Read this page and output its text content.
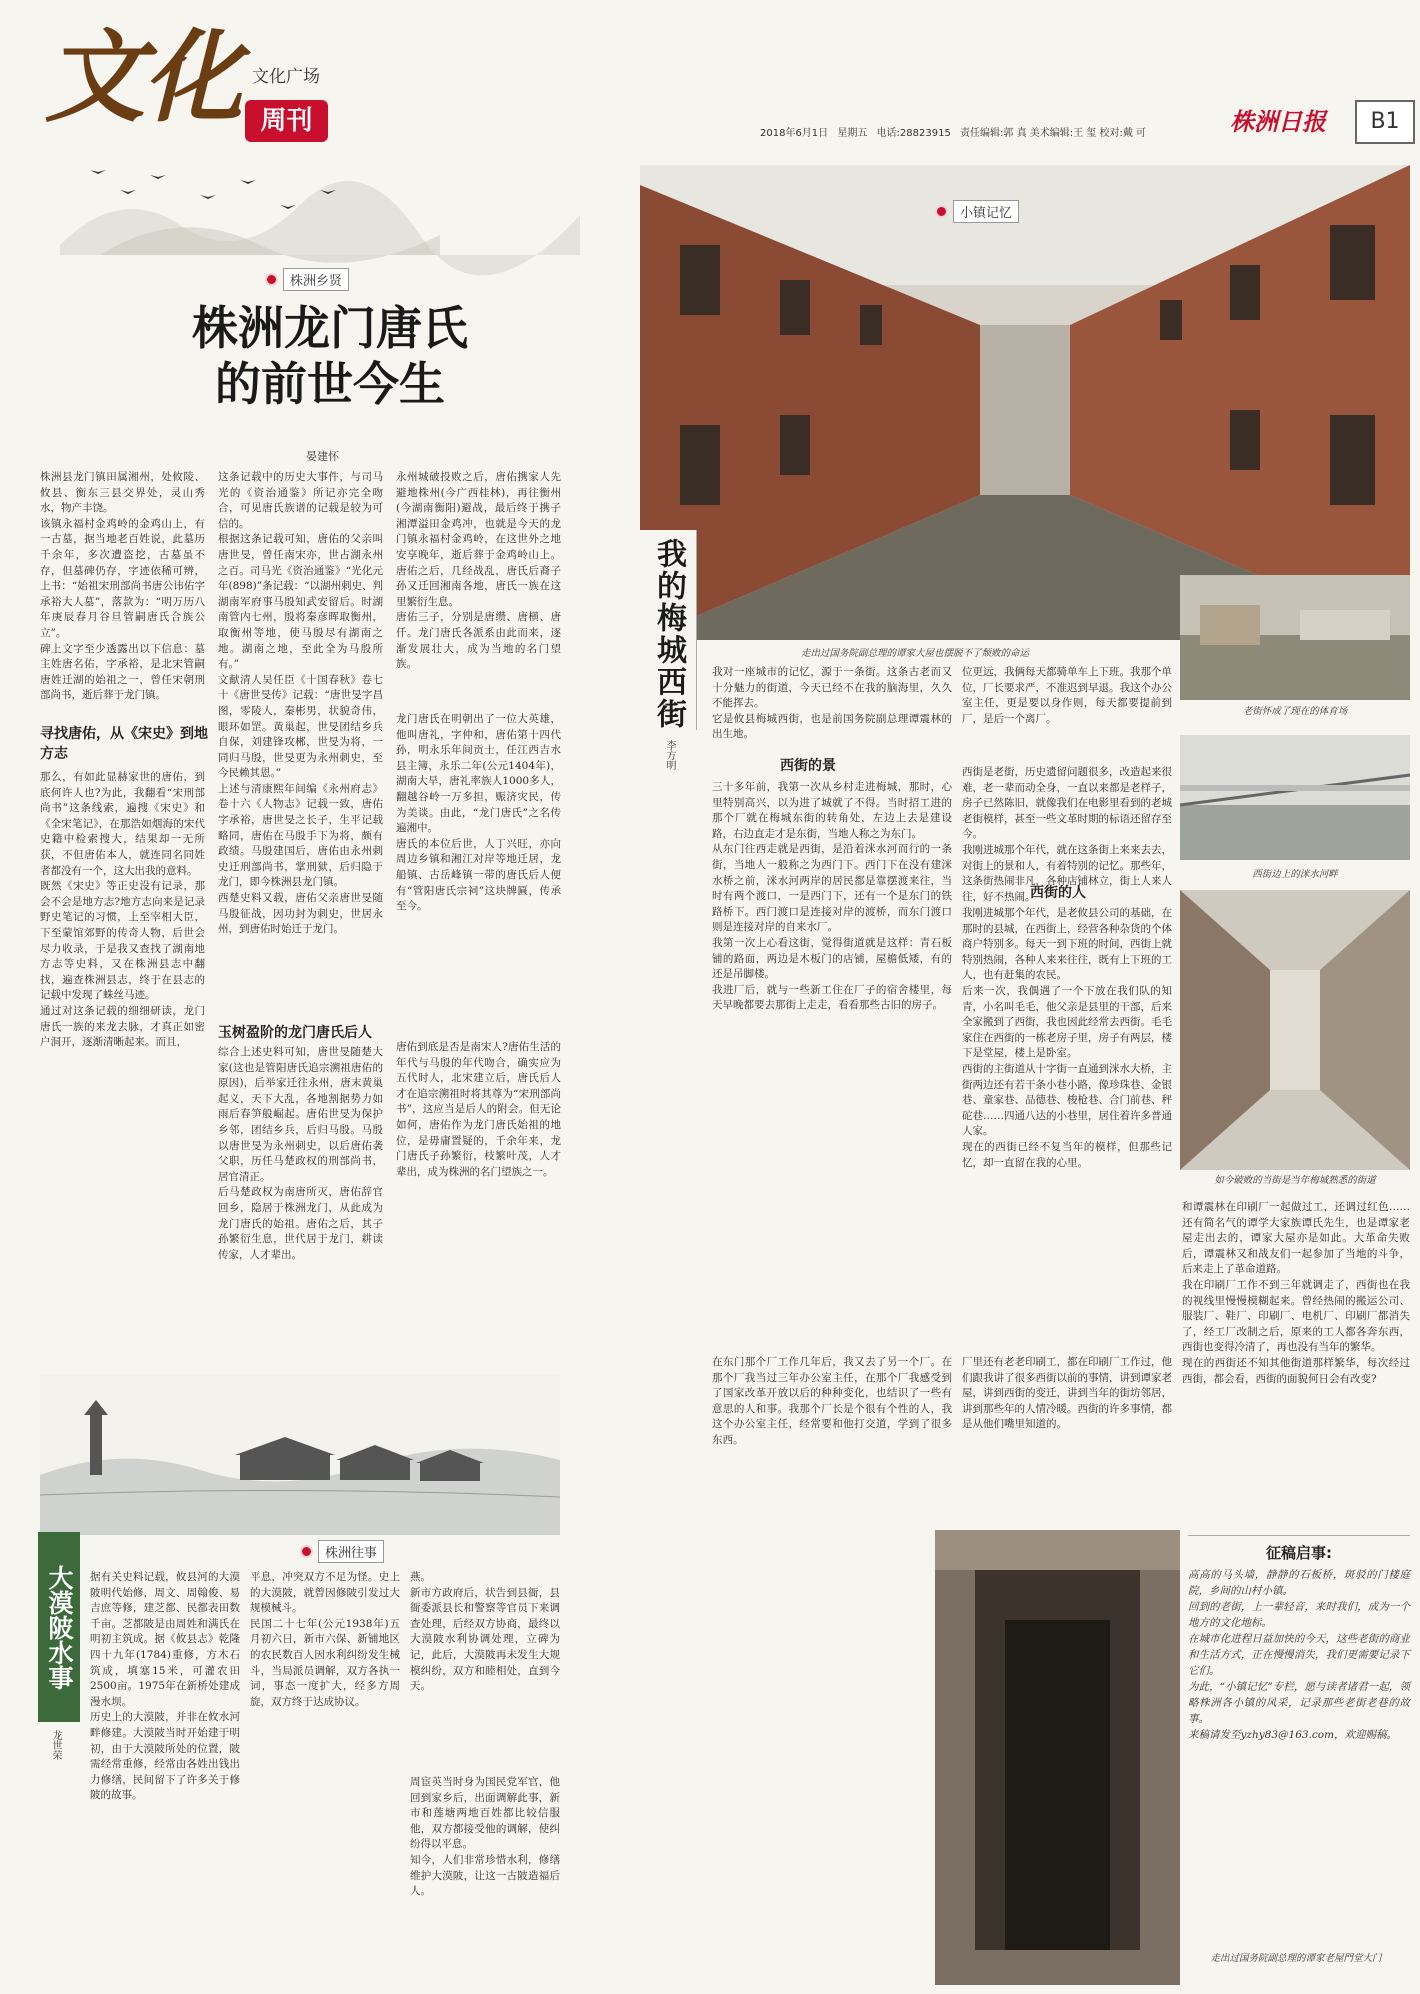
文化 文化广场
周刊	2018年6月1日 星期五 电话:28823915 责任编辑:郭 真 美术编辑:王 玺 校对:戴 可	株洲日报	B1
株洲乡贤
株洲龙门唐氏
的前世今生
晏建怀
株洲县龙门镇田属湘州，处攸陵、攸县、衡东三县交界处，灵山秀水，物产丰饶。
该镇永福村金鸡岭的金鸡山上，有一古墓，据当地老百姓说，此墓历千余年，多次遭盗挖，古墓虽不存，但墓碑仍存，字迹依稀可辨，上书：“始祖宋刑部尚书唐公讳佑字承裕大人墓”，落款为：“明万历八年庚辰春月谷旦管嗣唐氏合族公立”。
碑上文字至少透露出以下信息：墓主姓唐名佑，字承裕，是北宋管嗣唐姓迁湖的始祖之一，曾任宋朝刑部尚书，逝后葬于龙门镇。
寻找唐佑，从《宋史》到地方志
那么，有如此显赫家世的唐佑，到底何许人也?为此，我翻看“宋刑部尚书”这条线索，遍搜《宋史》和《全宋笔记》，在那浩如烟海的宋代史籍中检索搜大，结果却一无所获，不但唐佑本人，就连同名同姓者都没有一个，这大出我的意料。
既然《宋史》等正史没有记录，那会不会是地方志?地方志向来是记录野史笔记的习惯，上至宰相大臣，下至蒙馆郊野的传奇人物，后世会尽力收录，于是我又查找了湖南地方志等史料，又在株洲县志中翻找，遍查株洲县志，终于在县志的记载中发现了蛛丝马迹。
通过对这条记载的细细研读，龙门唐氏一族的来龙去脉，才真正如密户洞开，逐渐清晰起来。而且，
这条记载中的历史大事件，与司马光的《资治通鉴》所记亦完全吻合，可见唐氏族谱的记载是较为可信的。
根据这条记载可知，唐佑的父亲叫唐世旻，曾任南宋亦，世占湖永州之百。司马光《资治通鉴》“光化元年(898)”条记载：“以湖州刺史、判湖南军府事马殷知武安留后。时湖南管内七州，殷将秦彦晖取衡州，取衡州等地，使马殷尽有湖南之地。湖南之地，至此全为马殷所有。”
文献清人吴任臣《十国春秋》卷七十《唐世旻传》记载：“唐世旻字昌图，零陵人，秦彬男，状貌奇伟，眼环如罡。黄巢起，世旻团结乡兵自保，刘建锋攻郴，世旻为将，一同归马殷，世旻更为永州刺史，至今民赖其恩。”
上述与清康熙年间编《永州府志》卷十六《人物志》记载一致，唐佑字承裕，唐世旻之长子，生平记载略同，唐佑在马殷手下为将，颇有政绩。马殷建国后，唐佑由永州刺史迁刑部尚书，掌刑狱，后归隐于龙门，即今株洲县龙门镇。
西楚史料又载，唐佑父亲唐世旻随马殷征战，因功封为刺史，世居永州，到唐佑时始迁于龙门。
玉树盈阶的龙门唐氏后人
综合上述史料可知，唐世旻随楚大家(这也是管阳唐氏追宗溯祖唐佑的原因)，后举家迁往永州，唐末黄巢起义，天下大乱，各地割据势力如雨后春笋般崛起。唐佑世旻为保护乡邻，团结乡兵，后归马殷。马殷以唐世旻为永州刺史，以后唐佑袭父职，历任马楚政权的刑部尚书，居官清正。
后马楚政权为南唐所灭，唐佑辞官回乡，隐居于株洲龙门，从此成为龙门唐氏的始祖。唐佑之后，其子孙繁衍生息，世代居于龙门，耕读传家，人才辈出。
永州城破投败之后，唐佑携家人先避地株州(今广西桂林)，再往衡州(今湖南衡阳)避战，最后终于携子湘潭溢田金鸡冲，也就是今天的龙门镇永福村金鸡岭，在这世外之地安享晚年，逝后葬于金鸡岭山上。唐佑之后，几经战乱，唐氏后裔子孙又迁回湘南各地，唐氏一族在这里繁衍生息。
唐佑三子，分别是唐缵、唐横、唐仟。龙门唐氏各派系由此而来，逐渐发展壮大，成为当地的名门望族。
龙门唐氏在明朝出了一位大英雄，他叫唐礼，字仲和，唐佑第十四代孙，明永乐年间贡士，任江西吉水县主簿，永乐二年(公元1404年)，湖南大旱，唐礼率族人1000多人，翻越谷岭一万多担，赈济灾民，传为美谈。由此，“龙门唐氏”之名传遍湘中。
唐氏的本位后世，人丁兴旺，亦向周边乡镇和湘江对岸等地迁居，龙船镇、古岳峰镇一带的唐氏后人便有“管阳唐氏宗祠”这块牌匾，传承至今。
唐佑到底是否是南宋人?唐佑生活的年代与马殷的年代吻合，确实应为五代时人，北宋建立后，唐氏后人才在追宗溯祖时将其尊为“宋刑部尚书”，这应当是后人的附会。但无论如何，唐佑作为龙门唐氏始祖的地位，是毋庸置疑的，千余年来，龙门唐氏子孙繁衍，枝繁叶茂，人才辈出，成为株洲的名门望族之一。
大漠陂水事
龙世荣
株洲往事
据有关史料记载，攸县河的大漠陂明代始修，周文、周翰俊、易吉庶等修，建芝都、民都表田数千亩。芝都陂是由周姓和满氏在明初主筑成。据《攸县志》乾隆四十九年(1784)重修，方木石筑成，填塞15米，可灌农田2500亩。1975年在新桥处建成漫水坝。
历史上的大漠陂，并非在攸水河畔修建。大漠陂当时开始建于明初，由于大漠陂所处的位置，陂需经常重修，经常由各姓出钱出力修缮，民间留下了许多关于修陂的故事。
平息，冲突双方不足为怪。史上的大漠陂，就曾因修陂引发过大规模械斗。
民国二十七年(公元1938年)五月初六日，新市六保、新铺地区的农民数百人因水利纠纷发生械斗，当局派员调解，双方各执一词，事态一度扩大，经多方周旋，双方终于达成协议。
燕。
新市方政府后，状告到县衙，县衙委派县长和警察等官员下来调查处理，后经双方协商，最终以大漠陂水利协调处理，立碑为记，此后，大漠陂再未发生大规模纠纷，双方和睦相处，直到今天。
周宦英当时身为国民党军官，他回到家乡后，出面调解此事，新市和莲塘两地百姓都比较信服他，双方都接受他的调解，使纠纷得以平息。
知今，人们非常珍惜水利，修缮维护大漠陂，让这一古陂造福后人。
小镇记忆
我的梅城西街
李方明
走出过国务院副总理的谭家大屋也摆脱不了颓败的命运
老街怀成了现在的体育场
西街边上的洣水河畔
如今破败的当街是当年梅城熟悉的街道
我对一座城市的记忆，源于一条街。这条古老而又十分魅力的街道，今天已经不在我的脑海里，久久不能挥去。
它是攸县梅城西街，也是前国务院副总理谭震林的出生地。
西街的景
三十多年前，我第一次从乡村走进梅城，那时，心里特别高兴，以为进了城就了不得。当时招工进的那个厂就在梅城东街的转角处，左边上去是建设路，右边直走才是东街，当地人称之为东门。
从东门往西走就是西街，是沿着洣水河而行的一条街，当地人一般称之为西门下。西门下在没有建洣水桥之前，洣水河两岸的居民都是靠摆渡来往，当时有两个渡口，一是西门下，还有一个是东门的铁路桥下。西门渡口是连接对岸的渡桥，而东门渡口则是连接对岸的自来水厂。
我第一次上心看这街，觉得街道就是这样：青石板铺的路面，两边是木板门的店铺，屋檐低矮，有的还是吊脚楼。
我进厂后，就与一些新工住在厂子的宿舍楼里，每天早晚都要去那街上走走，看看那些古旧的房子。
位更远，我俩每天都骑单车上下班。我那个单位，厂长要求严，不准迟到早退。我这个办公室主任，更是要以身作则，每天都要提前到厂，是后一个离厂。
西街是老街，历史遗留问题很多，改造起来很难，老一辈而动全身，一直以来都是老样子，房子已然陈旧，就像我们在电影里看到的老城老街模样，甚至一些文革时期的标语还留存至今。
我刚进城那个年代，就在这条街上来来去去，对街上的景和人，有着特别的记忆。那些年，这条街热闹非凡，各种店铺林立，街上人来人往，好不热闹。
西街的人
我刚进城那个年代，是老攸县公司的基础，在那时的县城，在西街上，经营各种杂货的个体商户特别多。每天一到下班的时间，西街上就特别热闹，各种人来来往往，既有上下班的工人，也有赶集的农民。
后来一次，我偶遇了一个下放在我们队的知青，小名叫毛毛，他父亲是县里的干部，后来全家搬到了西街，我也因此经常去西街。毛毛家住在西街的一栋老房子里，房子有两层，楼下是堂屋，楼上是卧室。
西街的主街道从十字街一直通到洣水大桥，主街两边还有若干条小巷小路，像珍珠巷、金银巷、童家巷、品德巷、梭枪巷、合门前巷、秤砣巷……四通八达的小巷里，居住着许多普通人家。
现在的西街已经不复当年的模样，但那些记忆，却一直留在我的心里。
和谭震林在印刷厂一起做过工，还调过红色……还有简名气的谭学大家族谭氏先生，也是谭家老屋走出去的，谭家大屋亦是如此。大革命失败后，谭震林又和战友们一起参加了当地的斗争，后来走上了革命道路。
我在印刷厂工作不到三年就调走了，西街也在我的视线里慢慢模糊起来。曾经热闹的搬运公司、服装厂、鞋厂、印刷厂、电机厂、印刷厂都消失了，经工厂改制之后，原来的工人都各奔东西，西街也变得冷清了，再也没有当年的繁华。
现在的西街还不知其他街道那样繁华，每次经过西街，都会看，西街的面貌何日会有改变?
在东门那个厂工作几年后，我又去了另一个厂。在那个厂我当过三年办公室主任，在那个厂我感受到了国家改革开放以后的种种变化，也结识了一些有意思的人和事。我那个厂长是个很有个性的人，我这个办公室主任，经常要和他打交道，学到了很多东西。
厂里还有老老印刷工，都在印刷厂工作过，他们跟我讲了很多西街以前的事情，讲到谭家老屋，讲到西街的变迁，讲到当年的街坊邻居，讲到那些年的人情冷暖。西街的许多事情，都是从他们嘴里知道的。
走出过国务院副总理的谭家老屋門堂大门
征稿启事:
高高的马头墙，静静的石板桥，斑驳的门楼庭院，乡间的山村小镇。
回到的老街，上一辈轻音，来时我们，成为一个地方的文化地标。
在城市化进程日益加快的今天，这些老街的商业和生活方式，正在慢慢消失，我们更需要记录下它们。
为此，“小镇记忆”专栏，愿与读者诸君一起，领略株洲各小镇的风采，记录那些老街老巷的故事。
来稿请发至yzhy83@163.com，欢迎赐稿。
